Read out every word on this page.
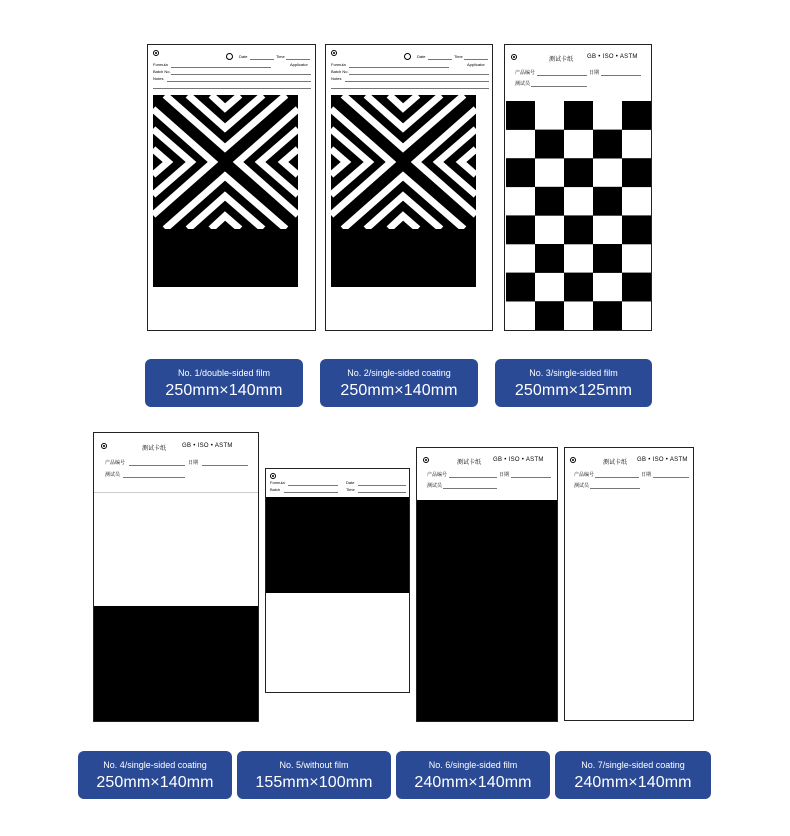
Date	Time
Formula	Applicator
Batch No.
Notes
Date	Time
Formula	Applicator
Batch No.
Notes
测试卡纸 GB • ISO • ASTM
产品编号	日期
测试员
测试卡纸	GB • ISO • ASTM
产品编号	日期
测试员
Formula	Date
Batch	Time
测试卡纸 GB • ISO • ASTM
产品编号	日期
测试员
测试卡纸 GB • ISO • ASTM
产品编号	日期
测试员
No. 1/double-sided film
250mm×140mm
No. 2/single-sided coating
250mm×140mm
No. 3/single-sided film
250mm×125mm
No. 4/single-sided coating
250mm×140mm
No. 5/without film
155mm×100mm
No. 6/single-sided film
240mm×140mm
No. 7/single-sided coating
240mm×140mm
